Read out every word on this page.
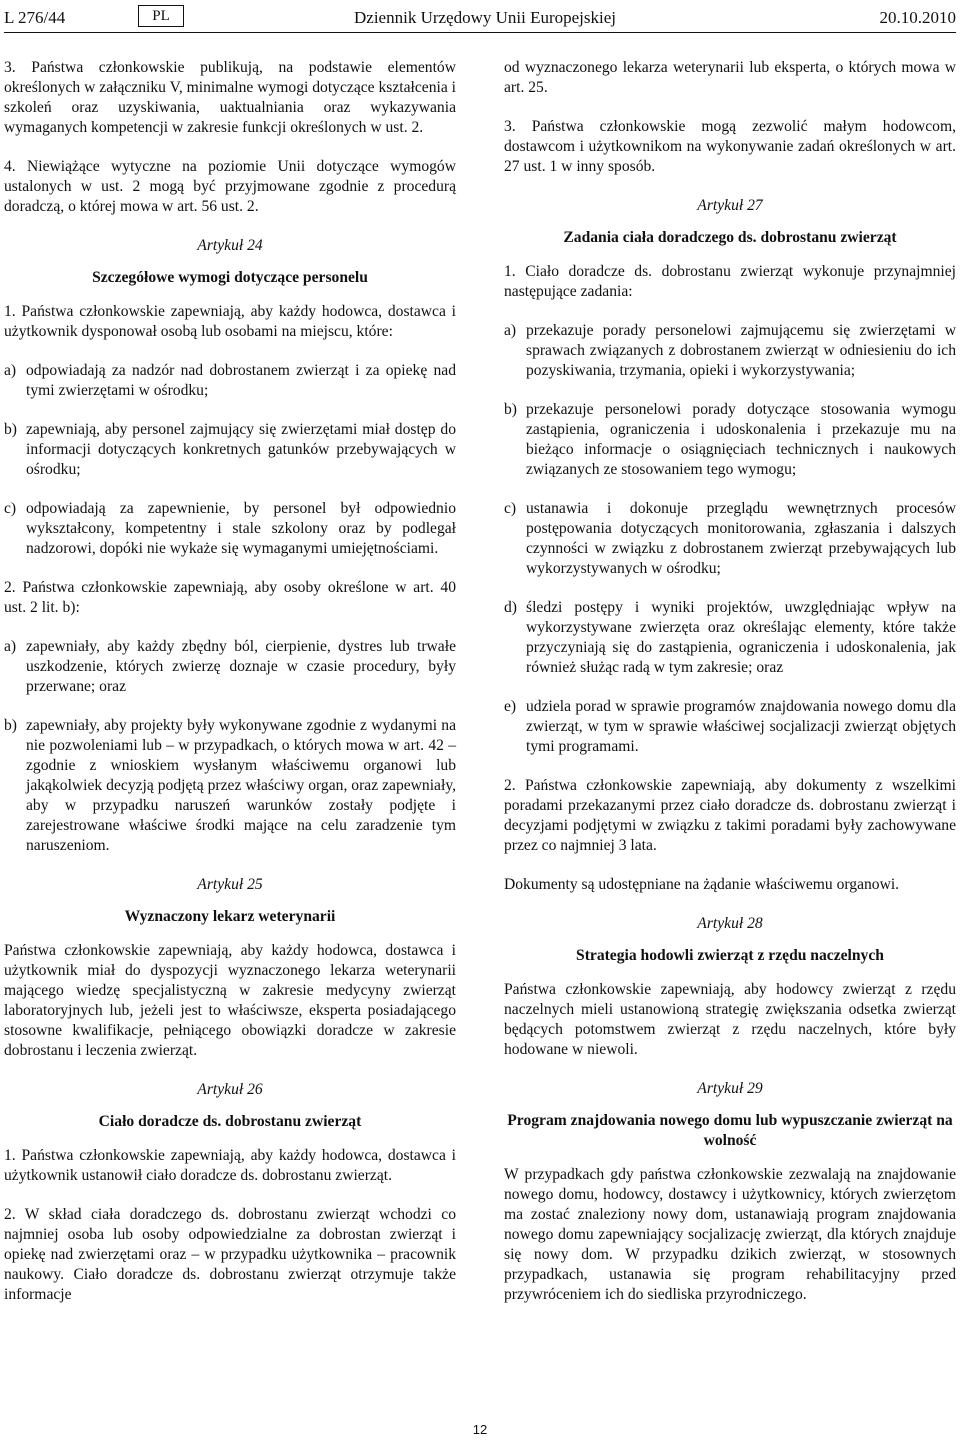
L 276/44	PL	Dziennik Urzędowy Unii Europejskiej	20.10.2010

3. Państwa członkowskie publikują, na podstawie elementów określonych w załączniku V, minimalne wymogi dotyczące kształcenia i szkoleń oraz uzyskiwania, uaktualniania oraz wykazywania wymaganych kompetencji w zakresie funkcji określonych w ust. 2.

4. Niewiążące wytyczne na poziomie Unii dotyczące wymogów ustalonych w ust. 2 mogą być przyjmowane zgodnie z procedurą doradczą, o której mowa w art. 56 ust. 2.

Artykuł 24
Szczegółowe wymogi dotyczące personelu

1. Państwa członkowskie zapewniają, aby każdy hodowca, dostawca i użytkownik dysponował osobą lub osobami na miejscu, które:

a) odpowiadają za nadzór nad dobrostanem zwierząt i za opiekę nad tymi zwierzętami w ośrodku;
b) zapewniają, aby personel zajmujący się zwierzętami miał dostęp do informacji dotyczących konkretnych gatunków przebywających w ośrodku;
c) odpowiadają za zapewnienie, by personel był odpowiednio wykształcony, kompetentny i stale szkolony oraz by podlegał nadzorowi, dopóki nie wykaże się wymaganymi umiejętnościami.

2. Państwa członkowskie zapewniają, aby osoby określone w art. 40 ust. 2 lit. b):

a) zapewniały, aby każdy zbędny ból, cierpienie, dystres lub trwałe uszkodzenie, których zwierzę doznaje w czasie procedury, były przerwane; oraz
b) zapewniały, aby projekty były wykonywane zgodnie z wydanymi na nie pozwoleniami lub – w przypadkach, o których mowa w art. 42 – zgodnie z wnioskiem wysłanym właściwemu organowi lub jakąkolwiek decyzją podjętą przez właściwy organ, oraz zapewniały, aby w przypadku naruszeń warunków zostały podjęte i zarejestrowane właściwe środki mające na celu zaradzenie tym naruszeniom.
Artykuł 25
Wyznaczony lekarz weterynarii

Państwa członkowskie zapewniają, aby każdy hodowca, dostawca i użytkownik miał do dyspozycji wyznaczonego lekarza weterynarii mającego wiedzę specjalistyczną w zakresie medycyny zwierząt laboratoryjnych lub, jeżeli jest to właściwsze, eksperta posiadającego stosowne kwalifikacje, pełniącego obowiązki doradcze w zakresie dobrostanu i leczenia zwierząt.

Artykuł 26
Ciało doradcze ds. dobrostanu zwierząt

1. Państwa członkowskie zapewniają, aby każdy hodowca, dostawca i użytkownik ustanowił ciało doradcze ds. dobrostanu zwierząt.

2. W skład ciała doradczego ds. dobrostanu zwierząt wchodzi co najmniej osoba lub osoby odpowiedzialne za dobrostan zwierząt i opiekę nad zwierzętami oraz – w przypadku użytkownika – pracownik naukowy. Ciało doradcze ds. dobrostanu zwierząt otrzymuje także informacje

od wyznaczonego lekarza weterynarii lub eksperta, o których mowa w art. 25.

3. Państwa członkowskie mogą zezwolić małym hodowcom, dostawcom i użytkownikom na wykonywanie zadań określonych w art. 27 ust. 1 w inny sposób.

Artykuł 27
Zadania ciała doradczego ds. dobrostanu zwierząt

1. Ciało doradcze ds. dobrostanu zwierząt wykonuje przynajmniej następujące zadania:

a) przekazuje porady personelowi zajmującemu się zwierzętami w sprawach związanych z dobrostanem zwierząt w odniesieniu do ich pozyskiwania, trzymania, opieki i wykorzystywania;
b) przekazuje personelowi porady dotyczące stosowania wymogu zastąpienia, ograniczenia i udoskonalenia i przekazuje mu na bieżąco informacje o osiągnięciach technicznych i naukowych związanych ze stosowaniem tego wymogu;
c) ustanawia i dokonuje przeglądu wewnętrznych procesów postępowania dotyczących monitorowania, zgłaszania i dalszych czynności w związku z dobrostanem zwierząt przebywających lub wykorzystywanych w ośrodku;
d) śledzi postępy i wyniki projektów, uwzględniając wpływ na wykorzystywane zwierzęta oraz określając elementy, które także przyczyniają się do zastąpienia, ograniczenia i udoskonalenia, jak również służąc radą w tym zakresie; oraz
e) udziela porad w sprawie programów znajdowania nowego domu dla zwierząt, w tym w sprawie właściwej socjalizacji zwierząt objętych tymi programami.

2. Państwa członkowskie zapewniają, aby dokumenty z wszelkimi poradami przekazanymi przez ciało doradcze ds. dobrostanu zwierząt i decyzjami podjętymi w związku z takimi poradami były zachowywane przez co najmniej 3 lata.

Dokumenty są udostępniane na żądanie właściwemu organowi.

Artykuł 28
Strategia hodowli zwierząt z rzędu naczelnych

Państwa członkowskie zapewniają, aby hodowcy zwierząt z rzędu naczelnych mieli ustanowioną strategię zwiększania odsetka zwierząt będących potomstwem zwierząt z rzędu naczelnych, które były hodowane w niewoli.

Artykuł 29
Program znajdowania nowego domu lub wypuszczanie zwierząt na wolność

W przypadkach gdy państwa członkowskie zezwalają na znajdowanie nowego domu, hodowcy, dostawcy i użytkownicy, których zwierzętom ma zostać znaleziony nowy dom, ustanawiają program znajdowania nowego domu zapewniający socjalizację zwierząt, dla których znajduje się nowy dom. W przypadku dzikich zwierząt, w stosownych przypadkach, ustanawia się program rehabilitacyjny przed przywróceniem ich do siedliska przyrodniczego.

12
